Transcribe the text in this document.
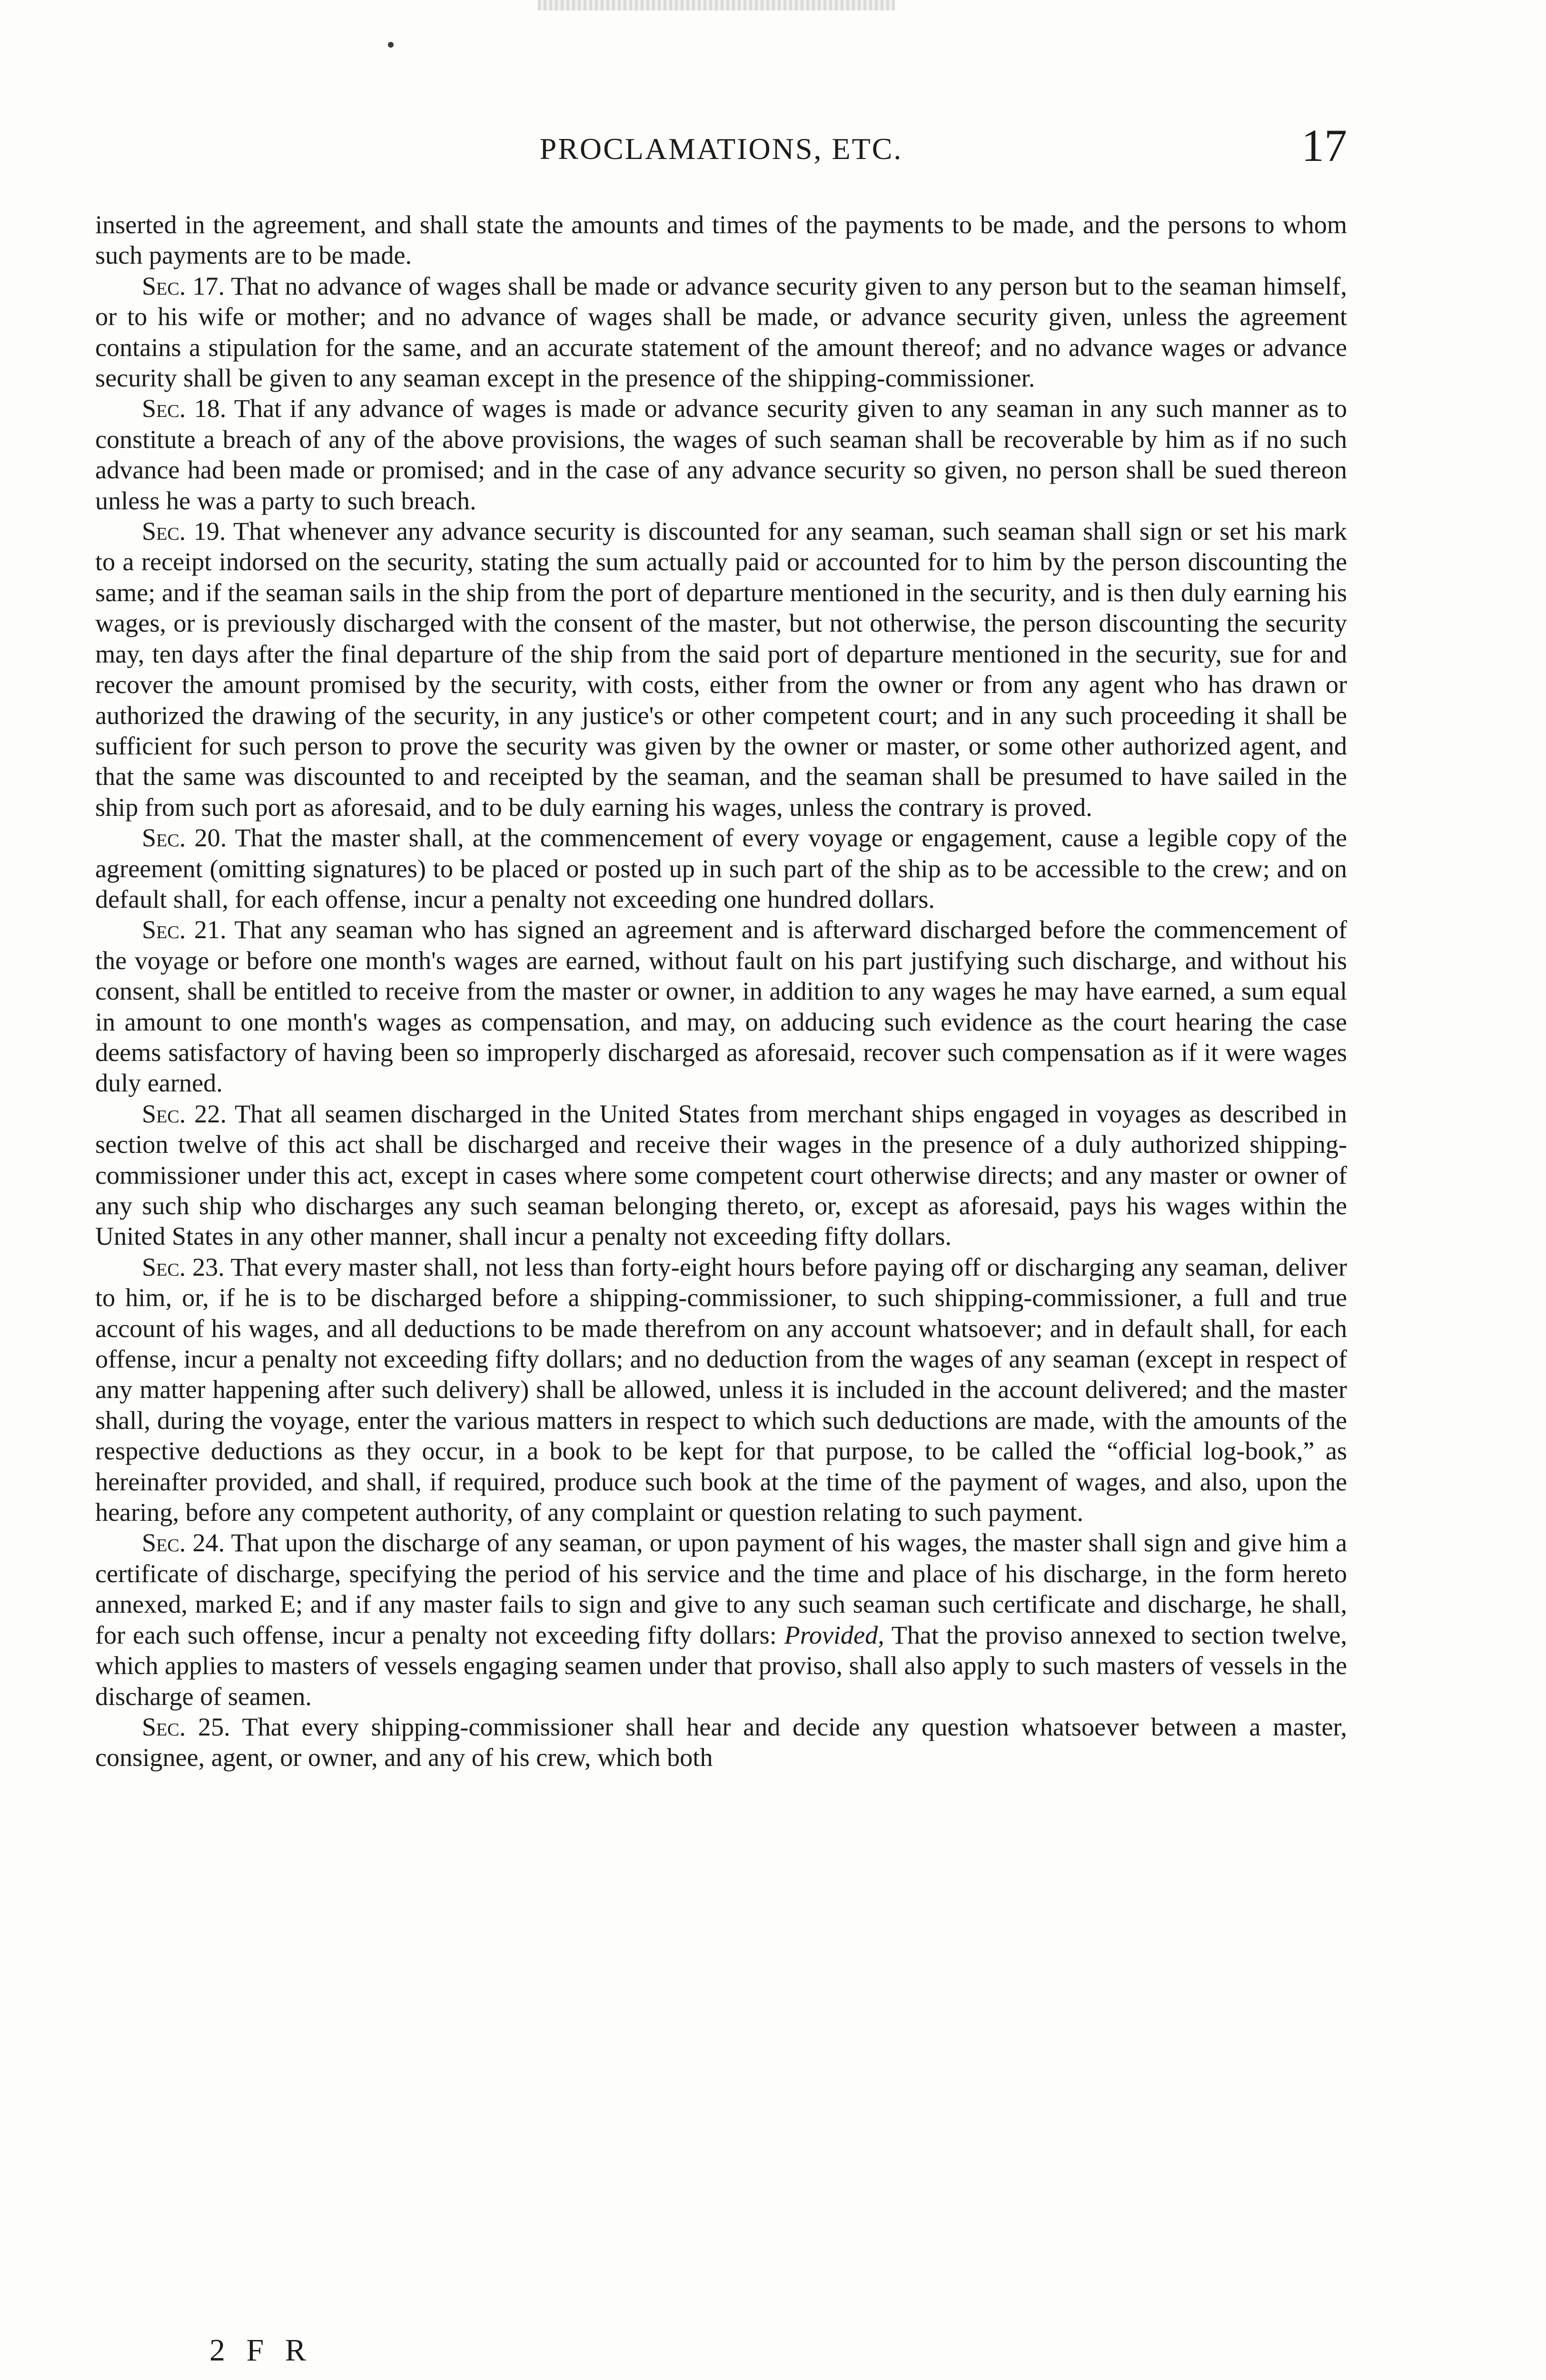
PROCLAMATIONS, ETC.	17

inserted in the agreement, and shall state the amounts and times of the payments to be made, and the persons to whom such payments are to be made.

Sec. 17. That no advance of wages shall be made or advance security given to any person but to the seaman himself, or to his wife or mother; and no advance of wages shall be made, or advance security given, unless the agreement contains a stipulation for the same, and an accurate statement of the amount thereof; and no advance wages or advance security shall be given to any seaman except in the presence of the shipping-commissioner.

Sec. 18. That if any advance of wages is made or advance security given to any seaman in any such manner as to constitute a breach of any of the above provisions, the wages of such seaman shall be recoverable by him as if no such advance had been made or promised; and in the case of any advance security so given, no person shall be sued thereon unless he was a party to such breach.

Sec. 19. That whenever any advance security is discounted for any seaman, such seaman shall sign or set his mark to a receipt indorsed on the security, stating the sum actually paid or accounted for to him by the person discounting the same; and if the seaman sails in the ship from the port of departure mentioned in the security, and is then duly earning his wages, or is previously discharged with the consent of the master, but not otherwise, the person discounting the security may, ten days after the final departure of the ship from the said port of departure mentioned in the security, sue for and recover the amount promised by the security, with costs, either from the owner or from any agent who has drawn or authorized the drawing of the security, in any justice's or other competent court; and in any such proceeding it shall be sufficient for such person to prove the security was given by the owner or master, or some other authorized agent, and that the same was discounted to and receipted by the seaman, and the seaman shall be presumed to have sailed in the ship from such port as aforesaid, and to be duly earning his wages, unless the contrary is proved.

Sec. 20. That the master shall, at the commencement of every voyage or engagement, cause a legible copy of the agreement (omitting signatures) to be placed or posted up in such part of the ship as to be accessible to the crew; and on default shall, for each offense, incur a penalty not exceeding one hundred dollars.

Sec. 21. That any seaman who has signed an agreement and is afterward discharged before the commencement of the voyage or before one month's wages are earned, without fault on his part justifying such discharge, and without his consent, shall be entitled to receive from the master or owner, in addition to any wages he may have earned, a sum equal in amount to one month's wages as compensation, and may, on adducing such evidence as the court hearing the case deems satisfactory of having been so improperly discharged as aforesaid, recover such compensation as if it were wages duly earned.

Sec. 22. That all seamen discharged in the United States from merchant ships engaged in voyages as described in section twelve of this act shall be discharged and receive their wages in the presence of a duly authorized shipping-commissioner under this act, except in cases where some competent court otherwise directs; and any master or owner of any such ship who discharges any such seaman belonging thereto, or, except as aforesaid, pays his wages within the United States in any other manner, shall incur a penalty not exceeding fifty dollars.

Sec. 23. That every master shall, not less than forty-eight hours before paying off or discharging any seaman, deliver to him, or, if he is to be discharged before a shipping-commissioner, to such shipping-commissioner, a full and true account of his wages, and all deductions to be made therefrom on any account whatsoever; and in default shall, for each offense, incur a penalty not exceeding fifty dollars; and no deduction from the wages of any seaman (except in respect of any matter happening after such delivery) shall be allowed, unless it is included in the account delivered; and the master shall, during the voyage, enter the various matters in respect to which such deductions are made, with the amounts of the respective deductions as they occur, in a book to be kept for that purpose, to be called the “official log-book,” as hereinafter provided, and shall, if required, produce such book at the time of the payment of wages, and also, upon the hearing, before any competent authority, of any complaint or question relating to such payment.

Sec. 24. That upon the discharge of any seaman, or upon payment of his wages, the master shall sign and give him a certificate of discharge, specifying the period of his service and the time and place of his discharge, in the form hereto annexed, marked E; and if any master fails to sign and give to any such seaman such certificate and discharge, he shall, for each such offense, incur a penalty not exceeding fifty dollars: Provided, That the proviso annexed to section twelve, which applies to masters of vessels engaging seamen under that proviso, shall also apply to such masters of vessels in the discharge of seamen.

Sec. 25. That every shipping-commissioner shall hear and decide any question whatsoever between a master, consignee, agent, or owner, and any of his crew, which both

2 F R
